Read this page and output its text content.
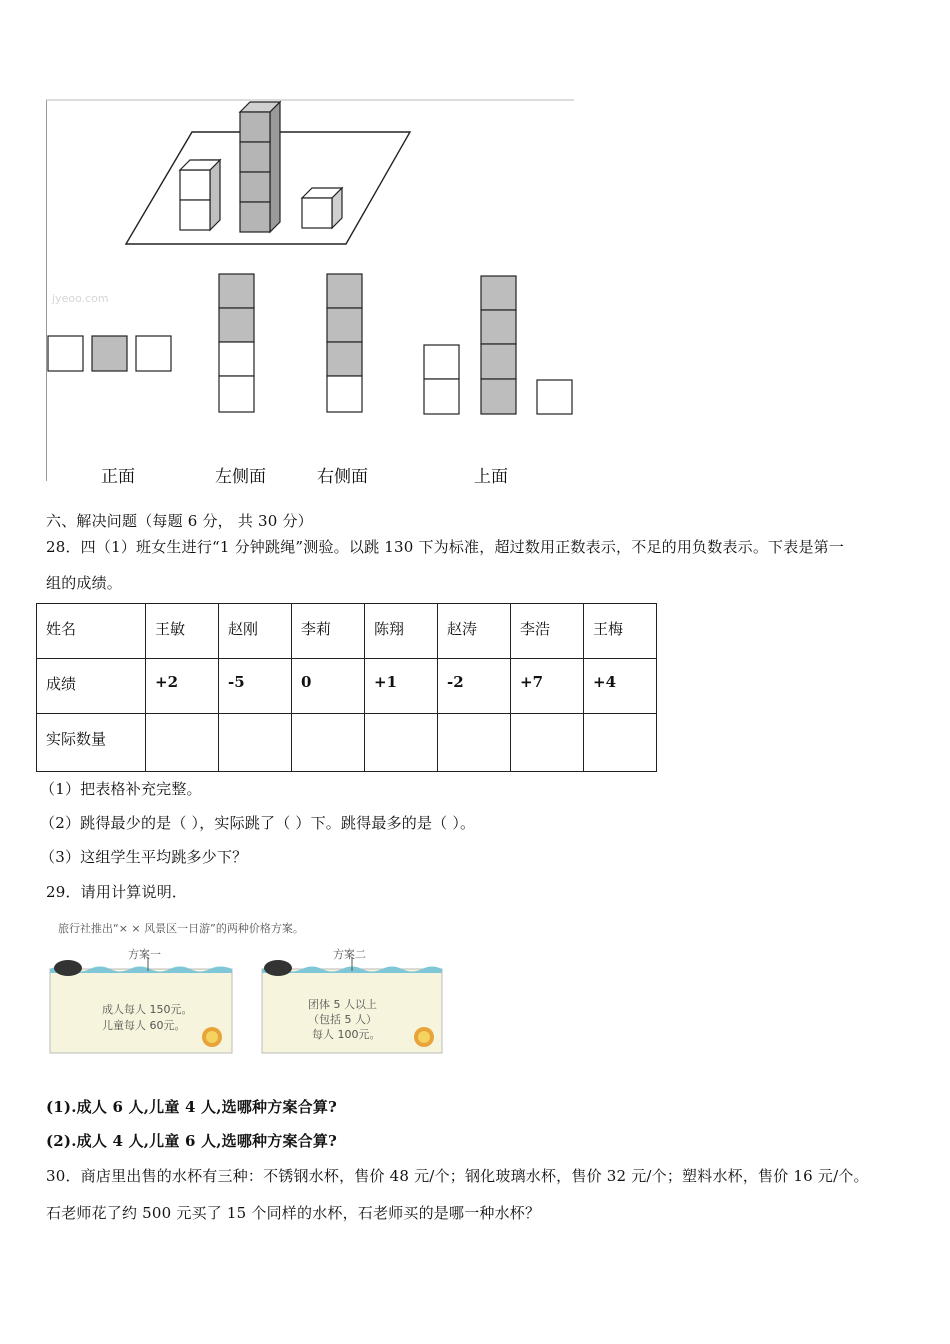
jyeoo.com
正面	左侧面	右侧面	上面
六、解决问题（每题 6 分， 共 30 分）
28．四（1）班女生进行“1 分钟跳绳”测验。以跳 130 下为标准，超过数用正数表示，不足的用负数表示。下表是第一
组的成绩。
姓名	王敏	赵刚	李莉	陈翔	赵涛	李浩	王梅
成绩	+2	-5	0	+1	-2	+7	+4
实际数量							
（1）把表格补充完整。
（2）跳得最少的是（ ），实际跳了（ ）下。跳得最多的是（ ）。
（3）这组学生平均跳多少下？
29．请用计算说明．
旅行社推出“× × 风景区一日游”的两种价格方案。
方案一
成人每人 150元。
儿童每人 60元。
方案二
团体 5 人以上
（包括 5 人）
每人 100元。
(1).成人 6 人,儿童 4 人,选哪种方案合算?
(2).成人 4 人,儿童 6 人,选哪种方案合算?
30．商店里出售的水杯有三种：不锈钢水杯，售价 48 元/个；钢化玻璃水杯，售价 32 元/个；塑料水杯，售价 16 元/个。
石老师花了约 500 元买了 15 个同样的水杯，石老师买的是哪一种水杯？
